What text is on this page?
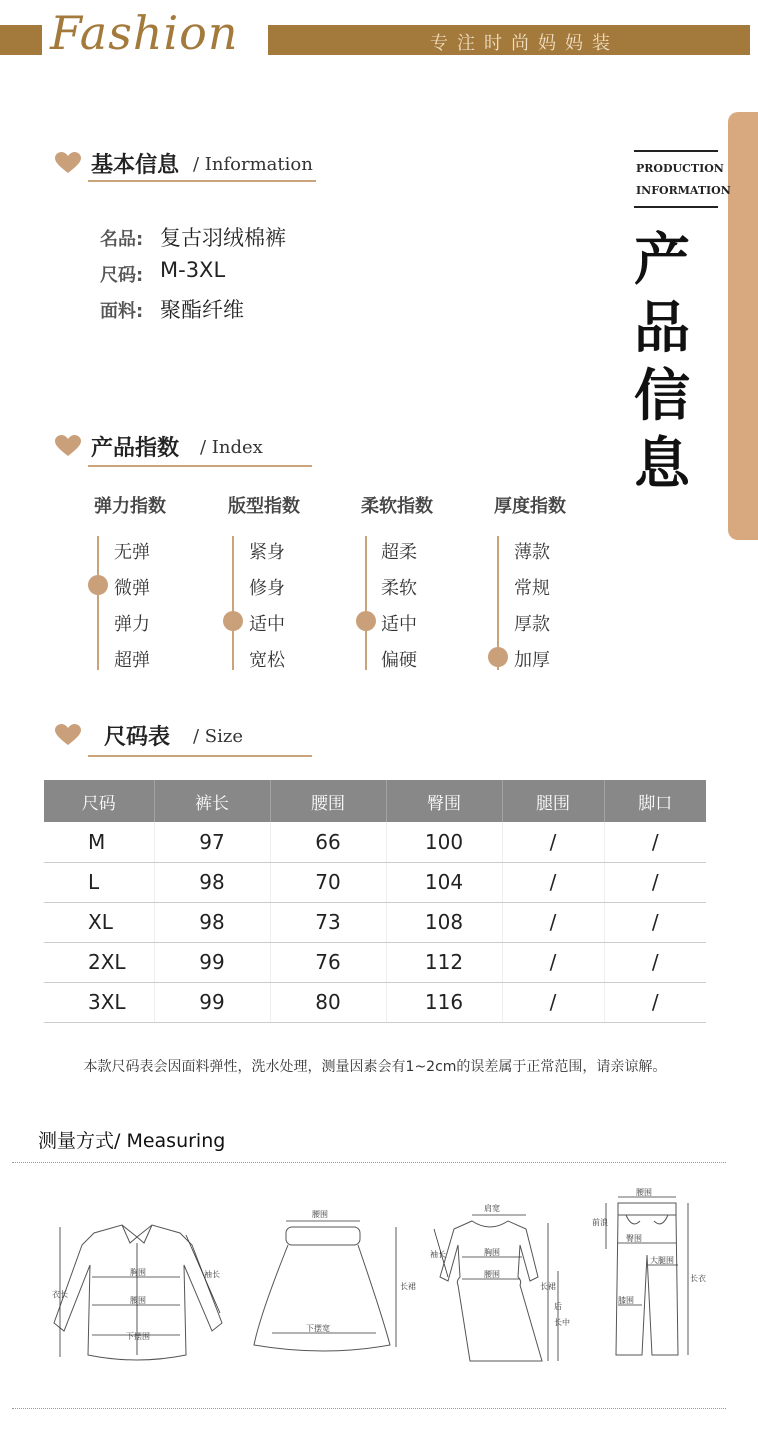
Fashion	专注时尚妈妈装
PRODUCTION
INFORMATION
产
品
信
息
基本信息 / Information
名品: 复古羽绒棉裤
尺码: M-3XL
面料: 聚酯纤维
产品指数 / Index
弹力指数
无弹
微弹
弹力
超弹
版型指数
紧身
修身
适中
宽松
柔软指数
超柔
柔软
适中
偏硬
厚度指数
薄款
常规
厚款
加厚
尺码表 / Size
尺码	裤长	腰围	臀围	腿围	脚口
M	97	66	100	/	/
L	98	70	104	/	/
XL	98	73	108	/	/
2XL	99	76	112	/	/
3XL	99	80	116	/	/
本款尺码表会因面料弹性，洗水处理，测量因素会有1~2cm的误差属于正常范围，请亲谅解。
测量方式/ Measuring
胸围
腰围
下摆围
衣长
袖长
腰围
下摆宽
长裙
肩宽
胸围
腰围
袖长
长裙
后
长中
腰围
前浪
臀围
大腿围
膝围
长衣
